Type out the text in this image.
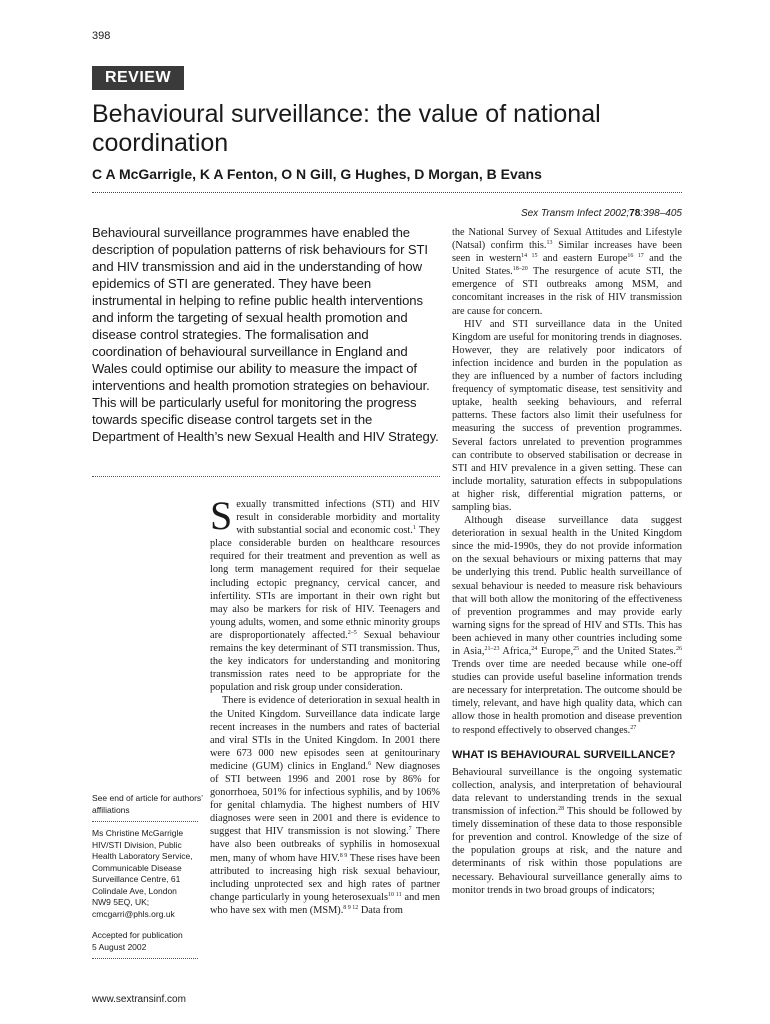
398
REVIEW
Behavioural surveillance: the value of national coordination

C A McGarrigle, K A Fenton, O N Gill, G Hughes, D Morgan, B Evans

Sex Transm Infect 2002;78:398–405

Behavioural surveillance programmes have enabled the description of population patterns of risk behaviours for STI and HIV transmission and aid in the understanding of how epidemics of STI are generated. They have been instrumental in helping to refine public health interventions and inform the targeting of sexual health promotion and disease control strategies. The formalisation and coordination of behavioural surveillance in England and Wales could optimise our ability to measure the impact of interventions and health promotion strategies on behaviour. This will be particularly useful for monitoring the progress towards specific disease control targets set in the Department of Health’s new Sexual Health and HIV Strategy.

See end of article for authors’ affiliations

Ms Christine McGarrigle
HIV/STI Division, Public
Health Laboratory Service,
Communicable Disease
Surveillance Centre, 61
Colindale Ave, London
NW9 5EQ, UK;
cmcgarri@phls.org.uk
Accepted for publication
5 August 2002

Sexually transmitted infections (STI) and HIV result in considerable morbidity and mortality with substantial social and economic cost.$^1$ They place considerable burden on healthcare resources required for their treatment and prevention as well as long term management required for their sequelae including ectopic pregnancy, cervical cancer, and infertility. STIs are important in their own right but may also be markers for risk of HIV. Teenagers and young adults, women, and some ethnic minority groups are disproportionately affected.$^{2-5}$ Sexual behaviour remains the key determinant of STI transmission. Thus, the key indicators for understanding and monitoring transmission rates need to be appropriate for the population and risk group under consideration.

There is evidence of deterioration in sexual health in the United Kingdom. Surveillance data indicate large recent increases in the numbers and rates of bacterial and viral STIs in the United Kingdom. In 2001 there were 673 000 new episodes seen at genitourinary medicine (GUM) clinics in England.$^6$ New diagnoses of STI between 1996 and 2001 rose by 86% for gonorrhoea, 501% for infectious syphilis, and by 106% for genital chlamydia. The highest numbers of HIV diagnoses were seen in 2001 and there is evidence to suggest that HIV transmission is not slowing.$^7$ There have also been outbreaks of syphilis in homosexual men, many of whom have HIV.$^{8 9}$ These rises have been attributed to increasing high risk sexual behaviour, including unprotected sex and high rates of partner change particularly in young heterosexuals$^{10 11}$ and men who have sex with men (MSM).$^{8 9 12}$ Data from

the National Survey of Sexual Attitudes and Lifestyle (Natsal) confirm this.$^{13}$ Similar increases have been seen in western$^{14 15}$ and eastern Europe$^{16 17}$ and the United States.$^{18-20}$ The resurgence of acute STI, the emergence of STI outbreaks among MSM, and concomitant increases in the risk of HIV transmission are cause for concern.

HIV and STI surveillance data in the United Kingdom are useful for monitoring trends in diagnoses. However, they are relatively poor indicators of infection incidence and burden in the population as they are influenced by a number of factors including frequency of symptomatic disease, test sensitivity and uptake, health seeking behaviours, and referral patterns. These factors also limit their usefulness for measuring the success of prevention programmes. Several factors unrelated to prevention programmes can contribute to observed stabilisation or decrease in STI and HIV prevalence in a given setting. These can include mortality, saturation effects in subpopulations at higher risk, differential migration patterns, or sampling bias.

Although disease surveillance data suggest deterioration in sexual health in the United Kingdom since the mid-1990s, they do not provide information on the sexual behaviours or mixing patterns that may be underlying this trend. Public health surveillance of sexual behaviour is needed to measure risk behaviours that will both allow the monitoring of the effectiveness of prevention programmes and may provide early warning signs for the spread of HIV and STIs. This has been achieved in many other countries including some in Asia,$^{21-23}$ Africa,$^{24}$ Europe,$^{25}$ and the United States.$^{26}$ Trends over time are needed because while one-off studies can provide useful baseline information trends are necessary for interpretation. The outcome should be timely, relevant, and have high quality data, which can allow those in health promotion and disease prevention to respond effectively to observed changes.$^{27}$

WHAT IS BEHAVIOURAL SURVEILLANCE?

Behavioural surveillance is the ongoing systematic collection, analysis, and interpretation of behavioural data relevant to understanding trends in the sexual transmission of infection.$^{28}$ This should be followed by timely dissemination of these data to those responsible for prevention and control. Knowledge of the size of the population groups at risk, and the nature and determinants of risk within those populations are necessary. Behavioural surveillance generally aims to monitor trends in two broad groups of indicators;

www.sextransinf.com
